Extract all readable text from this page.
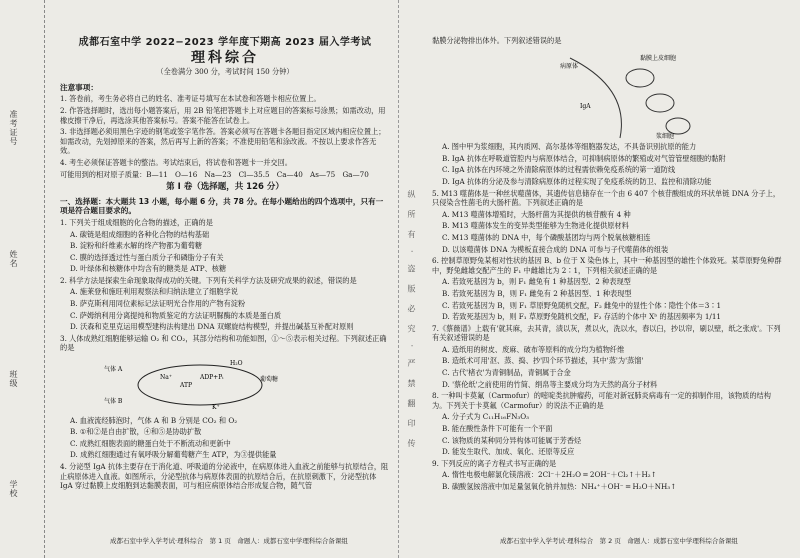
准考证号
姓名
班级
学校
成都石室中学 2022−2023 学年度下期高 2023 届入学考试
理科综合
（全卷满分 300 分，考试时间 150 分钟）
注意事项：

1. 答卷前，考生务必将自己的姓名、准考证号填写在本试卷和答题卡相应位置上。

2. 作答选择题时，选出每小题答案后，用 2B 铅笔把答题卡上对应题目的答案标号涂黑；如需改动，用橡皮擦干净后，再选涂其他答案标号。答案不能答在试卷上。

3. 非选择题必须用黑色字迹的钢笔或签字笔作答。答案必须写在答题卡各题目指定区域内相应位置上；如需改动，先划掉原来的答案，然后再写上新的答案；不准使用铅笔和涂改液。不按以上要求作答无效。

4. 考生必须保证答题卡的整洁。考试结束后，将试卷和答题卡一并交回。

可能用到的相对原子质量：B—11　O—16　Na—23　Cl—35.5　Ca—40　As—75　Ga—70

第 Ⅰ 卷（选择题，共 126 分）

一、选择题：本大题共 13 小题，每小题 6 分，共 78 分。在每小题给出的四个选项中，只有一项是符合题目要求的。

1. 下列关于组成细胞的化合物的描述，正确的是

A. 碳链是组成细胞的各种化合物的结构基础

B. 淀粉和纤维素水解的终产物都为葡萄糖

C. 膜的选择透过性与蛋白质分子和磷脂分子有关

D. 叶绿体和核糖体中均含有的糖类是 ATP、核糖

2. 科学方法是探索生命现象取得成功的关键。下列有关科学方法及研究成果的叙述，错误的是

A. 施莱登和施旺利用观察法和归纳法建立了细胞学说

B. 萨克斯利用同位素标记法证明光合作用的产物有淀粉

C. 萨姆纳利用分离提纯和物质鉴定的方法证明脲酶的本质是蛋白质

D. 沃森和克里克运用模型建构法构建出 DNA 双螺旋结构模型，并提出碱基互补配对原则

3. 人体成熟红细胞能够运输 O₂ 和 CO₂，其部分结构和功能如图，①～⑤表示相关过程。下列叙述正确的是

气体 A
气体 B
H₂O
葡萄糖
ATP
ADP+Pᵢ
Na⁺
K⁺

A. 血液流经肺泡时，气体 A 和 B 分别是 CO₂ 和 O₂

B. ①和②是自由扩散，④和⑤是协助扩散

C. 成熟红细胞表面的糖蛋白处于不断流动和更新中

D. 成熟红细胞通过有氧呼吸分解葡萄糖产生 ATP，为③提供能量

4. 分泌型 IgA 抗体主要存在于消化道、呼吸道的分泌液中，在病原体进入血液之前能够与抗原结合，阻止病原体进入血液。如图所示，分泌型抗体与病原体表面的抗原结合后，在抗原刺激下，分泌型抗体 IgA 穿过黏膜上皮细胞到达黏膜表面，可与相应病原体结合形成复合物，随气管

纵　所　有　·　盗　版　必　究　·　严　禁　翻　印　传

黏膜分泌物排出体外。下列叙述错误的是

病原体
浆细胞
IgA
黏膜上皮细胞

A. 图中甲为浆细胞，其内质网、高尔基体等细胞器发达，不具备识别抗原的能力

B. IgA 抗体在呼吸道管腔内与病原体结合，可抑制病原体的繁殖或对气管管壁细胞的黏附

C. IgA 抗体在内环境之外清除病原体的过程需依赖免疫系统的第一道防线

D. IgA 抗体的分泌及参与清除病原体的过程实现了免疫系统的防卫、监控和清除功能

5. M13 噬菌体是一种丝状噬菌体，其遗传信息储存在一个由 6 407 个核苷酸组成的环状单链 DNA 分子上，只侵染含性菌毛的大肠杆菌。下列叙述正确的是

A. M13 噬菌体增殖时，大肠杆菌为其提供的核苷酸有 4 种

B. M13 噬菌体发生的变异类型能够为生物进化提供原材料

C. M13 噬菌体的 DNA 中，每个磷酸基团均与两个脱氧核糖相连

D. 以该噬菌体 DNA 为模板直接合成的 DNA 可参与子代噬菌体的组装

6. 控制草原野兔某相对性状的基因 B、b 位于 X 染色体上，其中一种基因型的雄性个体致死。某草原野兔种群中，野兔雌雄交配产生的 F₁ 中雌雄比为 2∶1，下列相关叙述正确的是

A. 若致死基因为 b，则 F₁ 雌兔有 1 种基因型、2 种表现型

B. 若致死基因为 B，则 F₁ 雌兔有 2 种基因型、1 种表现型

C. 若致死基因为 B，则 F₁ 草原野兔随机交配，F₂ 雌兔中的显性个体∶隐性个体＝3∶1

D. 若致死基因为 b，则 F₁ 草原野兔随机交配，F₂ 存活的个体中 Xᵇ 的基因频率为 1/11

7.《蔡薇谱》上载有'就其麻，去其青，渍以灰，煮以火，洗以水，舂以臼，抄以帘，刷以壁，纸之张成'。下列有关叙述错误的是

A. 造纸用的树皮、废麻、破布等原料的成分均为植物纤维

B. 造纸术可用'沤、蒸、捣、抄'四个环节描述，其中'蒸'为'蒸馏'

C. 古代'楮衣'为青铜制品，青铜属于合金

D. '蔡伦纸'之前使用的竹简、绢帛等主要成分均为天然的高分子材料

8. 一种叫卡莫氟（Carmofur）的嘧啶类抗肿瘤药，可能对新冠肺炎病毒有一定的抑制作用，该物质的结构为。下列关于卡莫氟（Carmofur）的说法不正确的是

A. 分子式为 C₁₁H₁₆FN₃O₃

B. 能在酸性条件下可能有一个平面

C. 该物质的某种同分异构体可能属于芳香烃

D. 能发生取代、加成、氧化、还原等反应

9. 下列反应的离子方程式书写正确的是

A. 惰性电极电解氯化镁溶液：2Cl⁻＋2H₂O ═ 2OH⁻＋Cl₂↑＋H₂↑

B. 碳酸氢铵溶液中加足量氢氧化钠并加热：NH₄⁺＋OH⁻ ═ H₂O＋NH₃↑

成都石室中学入学考试·理科综合　第 1 页　 命题人：成都石室中学理科综合备课组	成都石室中学入学考试·理科综合　第 2 页　 命题人：成都石室中学理科综合备课组
